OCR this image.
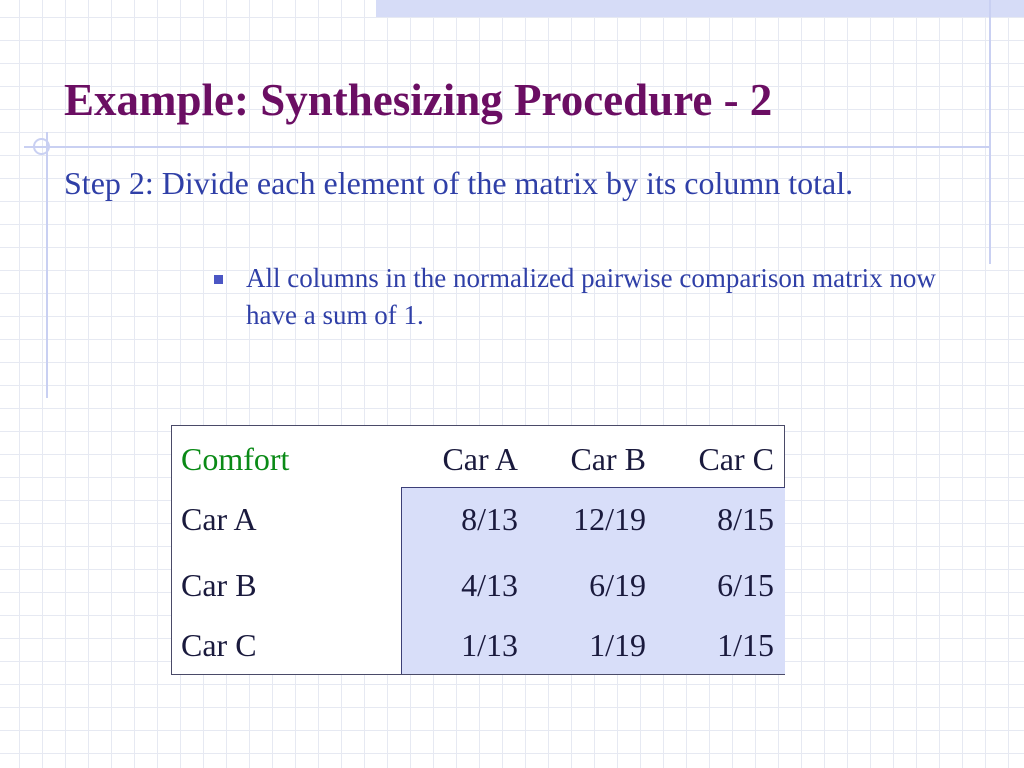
Example: Synthesizing Procedure - 2

Step 2: Divide each element of the matrix by its column total.

All columns in the normalized pairwise comparison matrix now have a sum of 1.
Comfort	Car A	Car B	Car C
Car A	8/13	12/19	8/15
Car B	4/13	6/19	6/15
Car C	1/13	1/19	1/15
